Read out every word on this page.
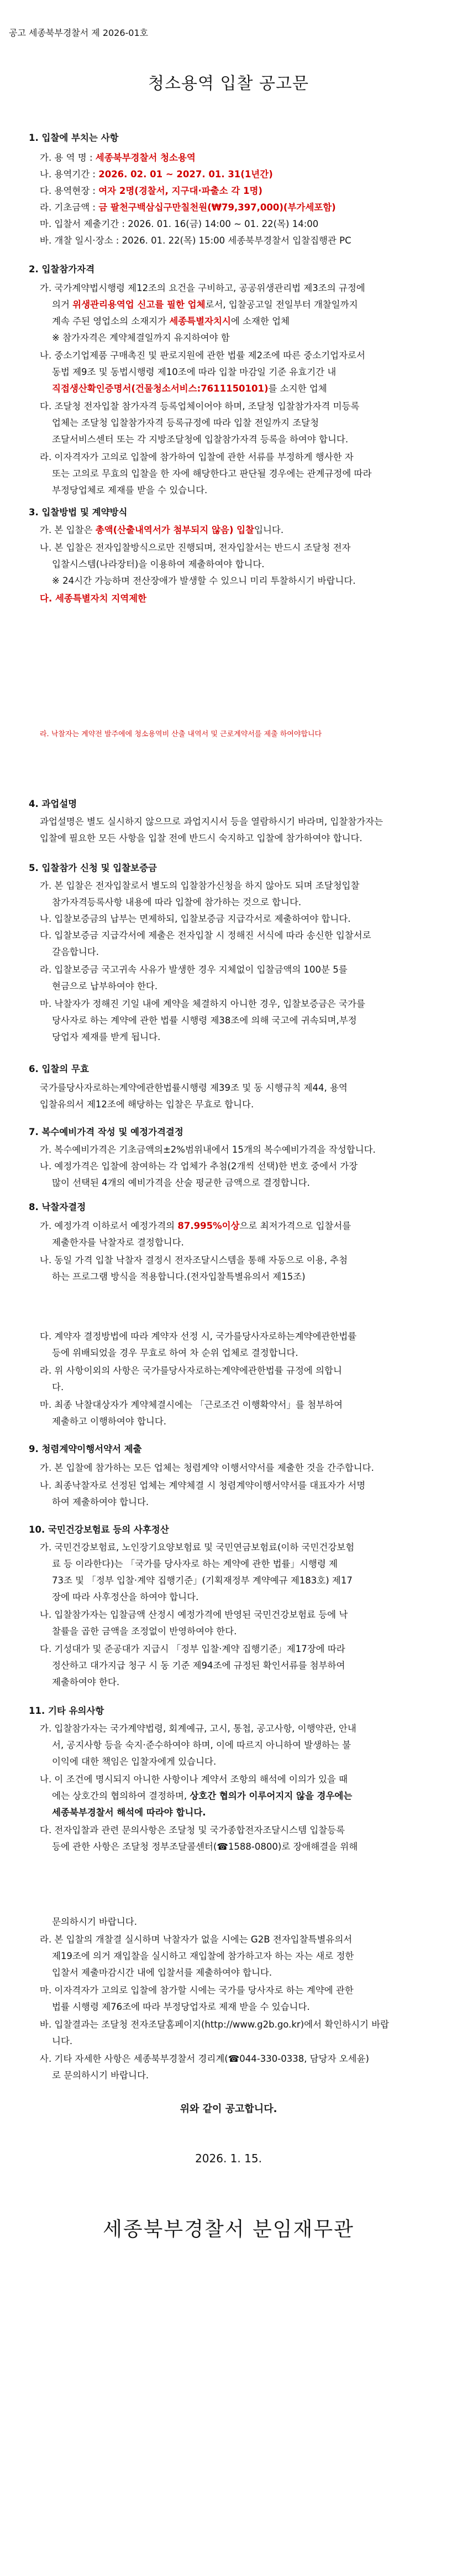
공고 세종북부경찰서 제 2026-01호
청소용역 입찰 공고문
1. 입찰에 부치는 사항
가. 용 역 명 : 세종북부경찰서 청소용역
나. 용역기간 : 2026. 02. 01 ~ 2027. 01. 31(1년간)
다. 용역현장 : 여자 2명(경찰서, 지구대·파출소 각 1명)
라. 기초금액 : 금 팔천구백삼십구만칠천원(₩79,397,000)(부가세포함)
마. 입찰서 제출기간 : 2026. 01. 16(금) 14:00 ~ 01. 22(목) 14:00
바. 개찰 일시·장소 : 2026. 01. 22(목) 15:00 세종북부경찰서 입찰집행관 PC
2. 입찰참가자격
가. 국가계약법시행령 제12조의 요건을 구비하고, 공공위생관리법 제3조의 규정에
의거 위생관리용역업 신고를 필한 업체로서, 입찰공고일 전일부터 개찰일까지
계속 주된 영업소의 소재지가 세종특별자치시에 소재한 업체
※ 참가자격은 계약체결일까지 유지하여야 함
나. 중소기업제품 구매촉진 및 판로지원에 관한 법률 제2조에 따른 중소기업자로서
동법 제9조 및 동법시행령 제10조에 따라 입찰 마감일 기준 유효기간 내
직접생산확인증명서(건물청소서비스:7611150101)를 소지한 업체
다. 조달청 전자입찰 참가자격 등록업체이어야 하며, 조달청 입찰참가자격 미등록
업체는 조달청 입찰참가자격 등록규정에 따라 입찰 전일까지 조달청
조달서비스센터 또는 각 지방조달청에 입찰참가자격 등록을 하여야 합니다.
라. 이자격자가 고의로 입찰에 참가하여 입찰에 관한 서류를 부정하게 행사한 자
또는 고의로 무효의 입찰을 한 자에 해당한다고 판단될 경우에는 관계규정에 따라
부정당업체로 제재를 받을 수 있습니다.
3. 입찰방법 및 계약방식
가. 본 입찰은 총액(산출내역서가 첨부되지 않음) 입찰입니다.
나. 본 입찰은 전자입찰방식으로만 진행되며, 전자입찰서는 반드시 조달청 전자
입찰시스템(나라장터)을 이용하여 제출하여야 합니다.
※ 24시간 가능하며 전산장애가 발생할 수 있으니 미리 투찰하시기 바랍니다.
다. 세종특별자치 지역제한
라. 낙찰자는 계약전 발주에에 청소용역비 산출 내역서 및 근로계약서를 제출 하여야합니다
4. 과업설명
과업설명은 별도 실시하지 않으므로 과업지시서 등을 열람하시기 바라며, 입찰참가자는
입찰에 필요한 모든 사항을 입찰 전에 반드시 숙지하고 입찰에 참가하여야 합니다.
5. 입찰참가 신청 및 입찰보증금
가. 본 입찰은 전자입찰로서 별도의 입찰참가신청을 하지 않아도 되며 조달청입찰
참가자격등록사항 내용에 따라 입찰에 참가하는 것으로 합니다.
나. 입찰보증금의 납부는 면제하되, 입찰보증금 지급각서로 제출하여야 합니다.
다. 입찰보증금 지급각서에 제출은 전자입찰 시 정해진 서식에 따라 송신한 입찰서로
갈음합니다.
라. 입찰보증금 국고귀속 사유가 발생한 경우 지체없이 입찰금액의 100분 5를
현금으로 납부하여야 한다.
마. 낙찰자가 정해진 기일 내에 계약을 체결하지 아니한 경우, 입찰보증금은 국가를
당사자로 하는 계약에 관한 법률 시행령 제38조에 의해 국고에 귀속되며,부정
당업자 제재를 받게 됩니다.
6. 입찰의 무효
국가를당사자로하는계약에관한법률시행령 제39조 및 동 시행규칙 제44, 용역
입찰유의서 제12조에 해당하는 입찰은 무효로 합니다.
7. 복수예비가격 작성 및 예정가격결정
가. 복수예비가격은 기초금액의±2%범위내에서 15개의 복수예비가격을 작성합니다.
나. 예정가격은 입찰에 참여하는 각 업체가 추첨(2개씩 선택)한 번호 중에서 가장
많이 선택된 4개의 예비가격을 산술 평균한 금액으로 결정합니다.
8. 낙찰자결정
가. 예정가격 이하로서 예정가격의 87.995%이상으로 최저가격으로 입찰서를
제출한자를 낙찰자로 결정합니다.
나. 동일 가격 입찰 낙찰자 결정시 전자조달시스템을 통해 자동으로 이용, 추첨
하는 프로그램 방식을 적용합니다.(전자입찰특별유의서 제15조)
다. 계약자 결정방법에 따라 계약자 선정 시, 국가를당사자로하는계약에관한법률
등에 위배되었을 경우 무효로 하여 차 순위 업체로 결정합니다.
라. 위 사항이외의 사항은 국가를당사자로하는계약에관한법률 규정에 의합니
다.
마. 최종 낙찰대상자가 계약체결시에는 「근로조건 이행확약서」를 첨부하여
제출하고 이행하여야 합니다.
9. 청렴계약이행서약서 제출
가. 본 입찰에 참가하는 모든 업체는 청렴계약 이행서약서를 제출한 것을 간주합니다.
나. 최종낙찰자로 선정된 업체는 계약체결 시 청렴계약이행서약서를 대표자가 서명
하여 제출하여야 합니다.
10. 국민건강보험료 등의 사후정산
가. 국민건강보험료, 노인장기요양보험료 및 국민연금보험료(이하 국민건강보험
료 등 이라한다)는 「국가를 당사자로 하는 계약에 관한 법률」시행령 제
73조 및 「정부 입찰·계약 집행기준」(기획재정부 계약예규 제183호) 제17
장에 따라 사후정산을 하여야 합니다.
나. 입찰참가자는 입찰금액 산정시 예정가격에 반영된 국민건강보험료 등에 낙
찰률을 곱한 금액을 조정없이 반영하여야 한다.
다. 기성대가 및 준공대가 지급시 「정부 입찰·계약 집행기준」제17장에 따라
정산하고 대가지급 청구 시 동 기준 제94조에 규정된 확인서류를 첨부하여
제출하여야 한다.
11. 기타 유의사항
가. 입찰참가자는 국가계약법령, 회계예규, 고시, 통첩, 공고사항, 이행약관, 안내
서, 공지사항 등을 숙지·준수하여야 하며, 이에 따르지 아니하여 발생하는 불
이익에 대한 책임은 입찰자에게 있습니다.
나. 이 조건에 명시되지 아니한 사항이나 계약서 조항의 해석에 이의가 있을 때
에는 상호간의 협의하여 결정하며, 상호간 협의가 이루어지지 않을 경우에는
세종북부경찰서 해석에 따라야 합니다.
다. 전자입찰과 관련 문의사항은 조달청 및 국가종합전자조달시스템 입찰등록
등에 관한 사항은 조달청 정부조달콜센터(☎1588-0800)로 장애해결을 위해
문의하시기 바랍니다.
라. 본 입찰의 개찰결 실시하며 낙찰자가 없을 시에는 G2B 전자입찰특별유의서
제19조에 의거 재입찰을 실시하고 재입찰에 참가하고자 하는 자는 새로 정한
입찰서 제출마감시간 내에 입찰서를 제출하여야 합니다.
마. 이자격자가 고의로 입찰에 참가할 시에는 국가를 당사자로 하는 계약에 관한
법률 시행령 제76조에 따라 부정당업자로 제재 받을 수 있습니다.
바. 입찰결과는 조달청 전자조달홈페이지(http://www.g2b.go.kr)에서 확인하시기 바랍
니다.
사. 기타 자세한 사항은 세종북부경찰서 경리계(☎044-330-0338, 담당자 오세윤)
로 문의하시기 바랍니다.
위와 같이 공고합니다.
2026. 1. 15.
세종북부경찰서 분임재무관
